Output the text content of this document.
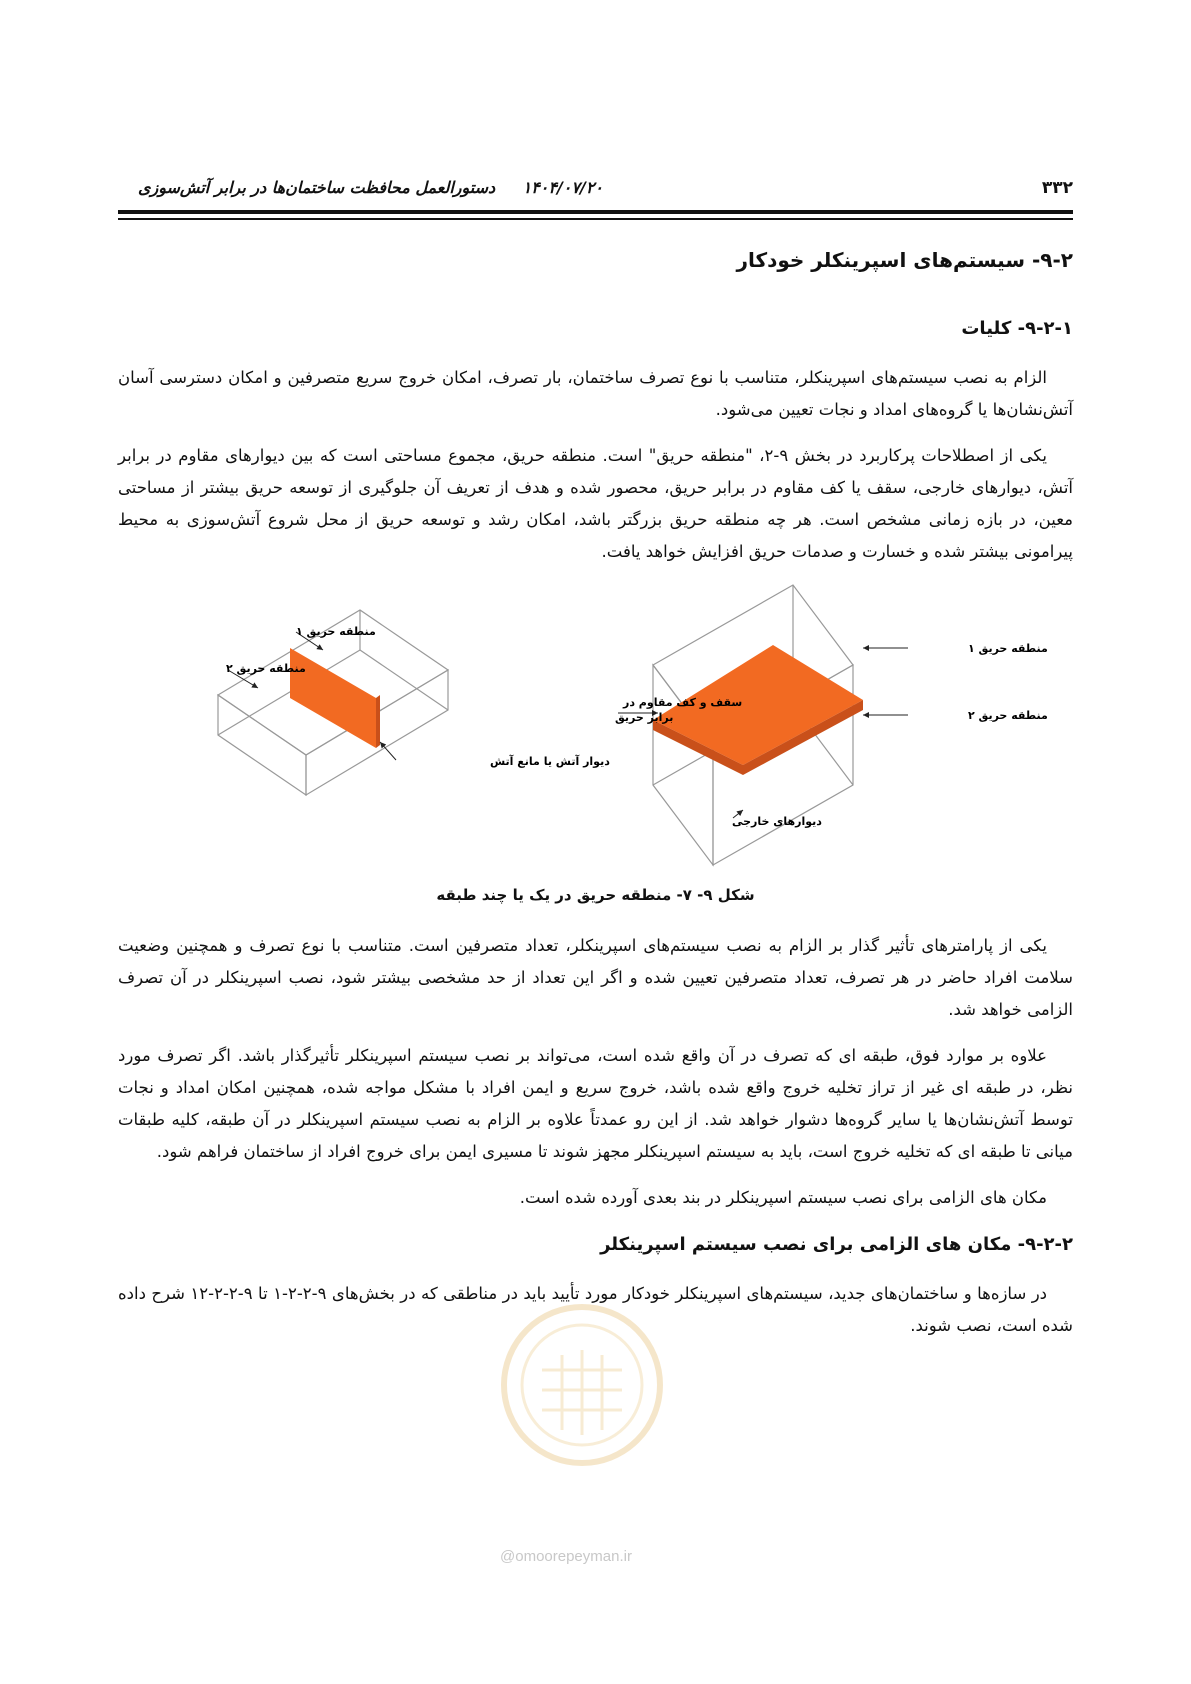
۳۳۲
۱۴۰۴/۰۷/۲۰
دستورالعمل محافظت ساختمان‌ها در برابر آتش‌سوزی
۹-۲- سیستم‌های اسپرینکلر خودکار
۹-۲-۱- کلیات

الزام به نصب سیستم‌های اسپرینکلر، متناسب با نوع تصرف ساختمان، بار تصرف، امکان خروج سریع متصرفین و امکان دسترسی آسان آتش‌نشان‌ها یا گروه‌های امداد و نجات تعیین می‌شود.

یکی از اصطلاحات پرکاربرد در بخش ۹-۲، "منطقه حریق" است. منطقه حریق، مجموع مساحتی است که بین دیوارهای مقاوم در برابر آتش، دیوارهای خارجی، سقف یا کف مقاوم در برابر حریق، محصور شده و هدف از تعریف آن جلوگیری از توسعه حریق بیشتر از مساحتی معین، در بازه زمانی مشخص است. هر چه منطقه حریق بزرگتر باشد، امکان رشد و توسعه حریق از محل شروع آتش‌سوزی به محیط پیرامونی بیشتر شده و خسارت و صدمات حریق افزایش خواهد یافت.

منطقه حریق ۱
منطقه حریق ۲
سقف و کف مقاوم در
برابر حریق
دیوارهای خارجی
منطقه حریق ۱
منطقه حریق ۲
دیوار آتش یا مانع آتش
شکل ۹- ۷- منطقه حریق در یک یا چند طبقه

یکی از پارامترهای تأثیر گذار بر الزام به نصب سیستم‌های اسپرینکلر، تعداد متصرفین است. متناسب با نوع تصرف و همچنین وضعیت سلامت افراد حاضر در هر تصرف، تعداد متصرفین تعیین شده و اگر این تعداد از حد مشخصی بیشتر شود، نصب اسپرینکلر در آن تصرف الزامی خواهد شد.

علاوه بر موارد فوق، طبقه ای که تصرف در آن واقع شده است، می‌تواند بر نصب سیستم اسپرینکلر تأثیرگذار باشد. اگر تصرف مورد نظر، در طبقه ای غیر از تراز تخلیه خروج واقع شده باشد، خروج سریع و ایمن افراد با مشکل مواجه شده، همچنین امکان امداد و نجات توسط آتش‌نشان‌ها یا سایر گروه‌ها دشوار خواهد شد. از این رو عمدتاً علاوه بر الزام به نصب سیستم اسپرینکلر در آن طبقه، کلیه طبقات میانی تا طبقه ای که تخلیه خروج است، باید به سیستم اسپرینکلر مجهز شوند تا مسیری ایمن برای خروج افراد از ساختمان فراهم شود.

مکان های الزامی برای نصب سیستم اسپرینکلر در بند بعدی آورده شده است.

۹-۲-۲- مکان های الزامی برای نصب سیستم اسپرینکلر

در سازه‌ها و ساختمان‌های جدید، سیستم‌های اسپرینکلر خودکار مورد تأیید باید در مناطقی که در بخش‌های ۹-۲-۲-۱ تا ۹-۲-۲-۱۲ شرح داده شده است، نصب شوند.

@omoorepeyman.ir
